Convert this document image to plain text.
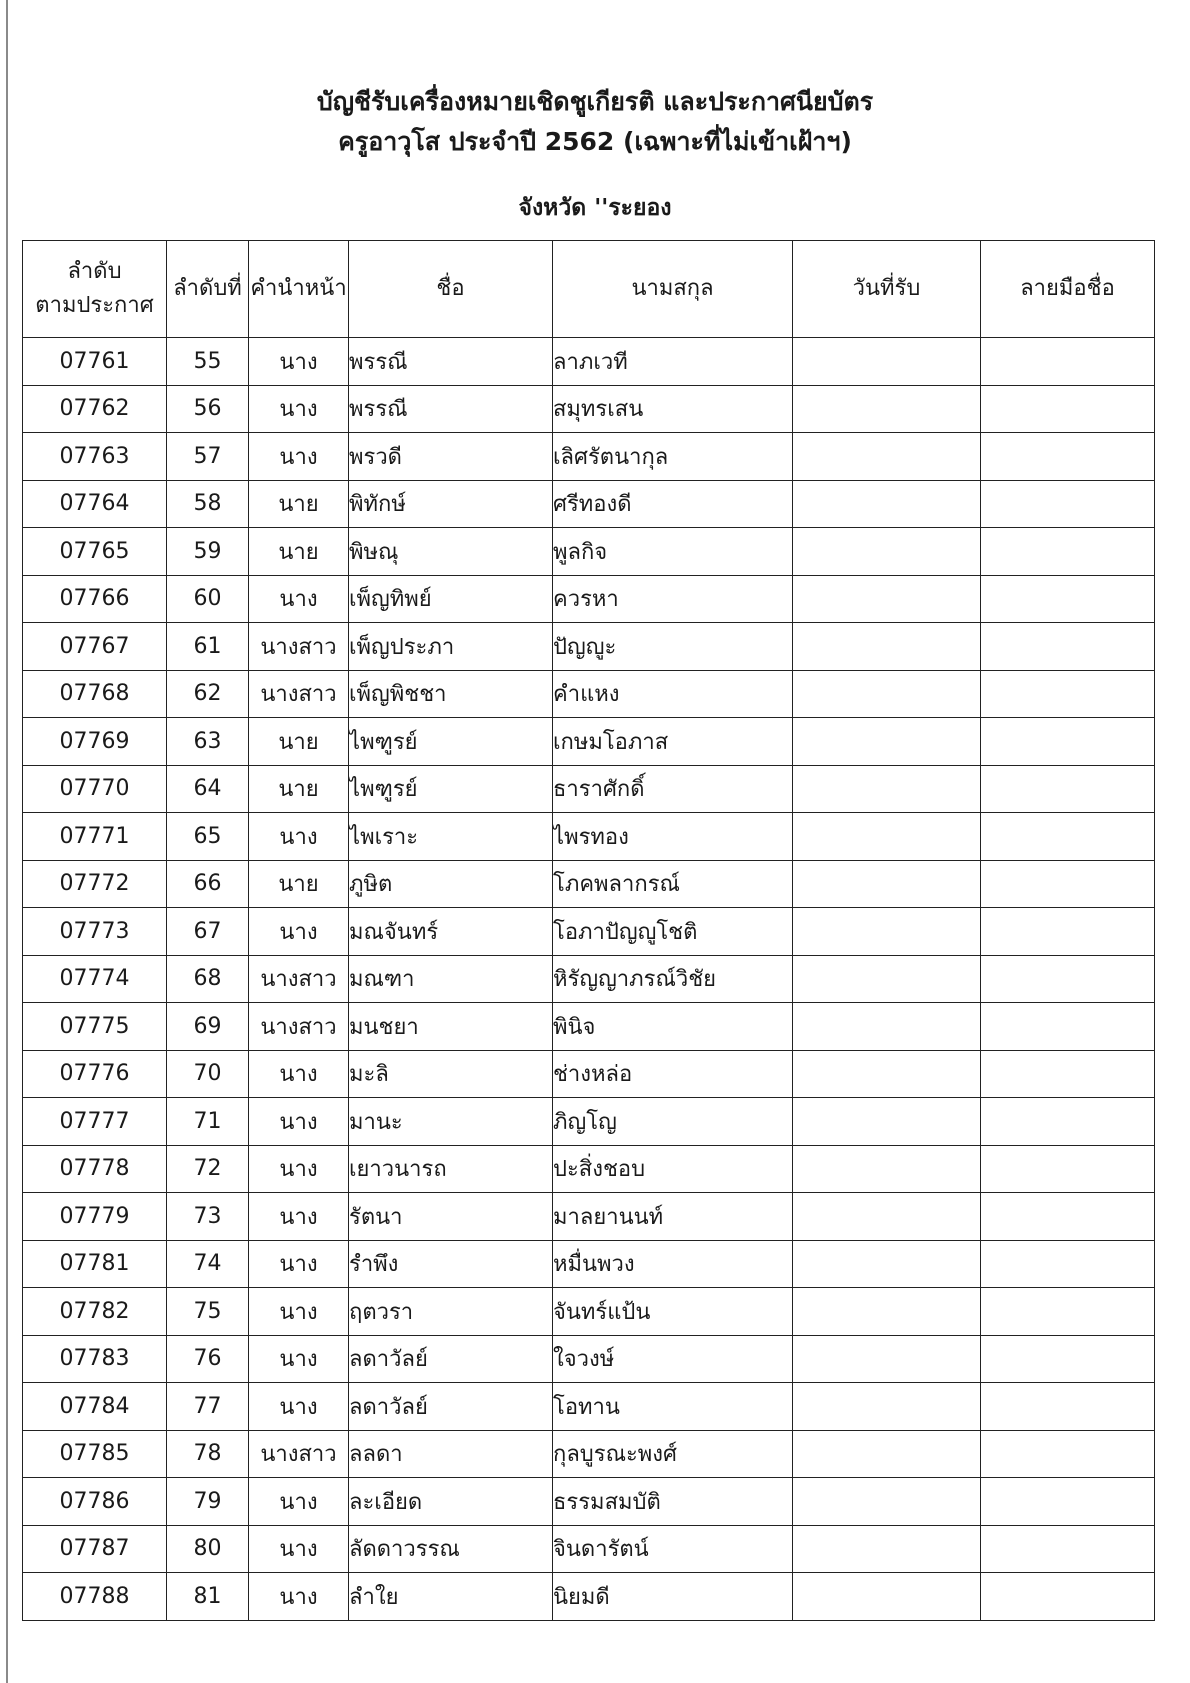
บัญชีรับเครื่องหมายเชิดชูเกียรติ และประกาศนียบัตร
ครูอาวุโส ประจำปี 2562 (เฉพาะที่ไม่เข้าเฝ้าฯ)
จังหวัด ''ระยอง
ลำดับ
ตามประกาศ	ลำดับที่	คำนำหน้า	ชื่อ	นามสกุล	วันที่รับ	ลายมือชื่อ
07761	55	นาง	พรรณี	ลาภเวที		
07762	56	นาง	พรรณี	สมุทรเสน		
07763	57	นาง	พรวดี	เลิศรัตนากุล		
07764	58	นาย	พิทักษ์	ศรีทองดี		
07765	59	นาย	พิษณุ	พูลกิจ		
07766	60	นาง	เพ็ญทิพย์	ควรหา		
07767	61	นางสาว	เพ็ญประภา	ปัญญูะ		
07768	62	นางสาว	เพ็ญพิชชา	คำแหง		
07769	63	นาย	ไพฑูรย์	เกษมโอภาส		
07770	64	นาย	ไพฑูรย์	ธาราศักดิ์		
07771	65	นาง	ไพเราะ	ไพรทอง		
07772	66	นาย	ภูษิต	โภคพลากรณ์		
07773	67	นาง	มณจันทร์	โอภาปัญญูโชติ		
07774	68	นางสาว	มณฑา	หิรัญญาภรณ์วิชัย		
07775	69	นางสาว	มนชยา	พินิจ		
07776	70	นาง	มะลิ	ช่างหล่อ		
07777	71	นาง	มานะ	ภิญโญ		
07778	72	นาง	เยาวนารถ	ปะสิ่งชอบ		
07779	73	นาง	รัตนา	มาลยานนท์		
07781	74	นาง	รำพึง	หมื่นพวง		
07782	75	นาง	ฤตวรา	จันทร์แป้น		
07783	76	นาง	ลดาวัลย์	ใจวงษ์		
07784	77	นาง	ลดาวัลย์	โอทาน		
07785	78	นางสาว	ลลดา	กุลบูรณะพงศ์		
07786	79	นาง	ละเอียด	ธรรมสมบัติ		
07787	80	นาง	ลัดดาวรรณ	จินดารัตน์		
07788	81	นาง	ลำใย	นิยมดี		
